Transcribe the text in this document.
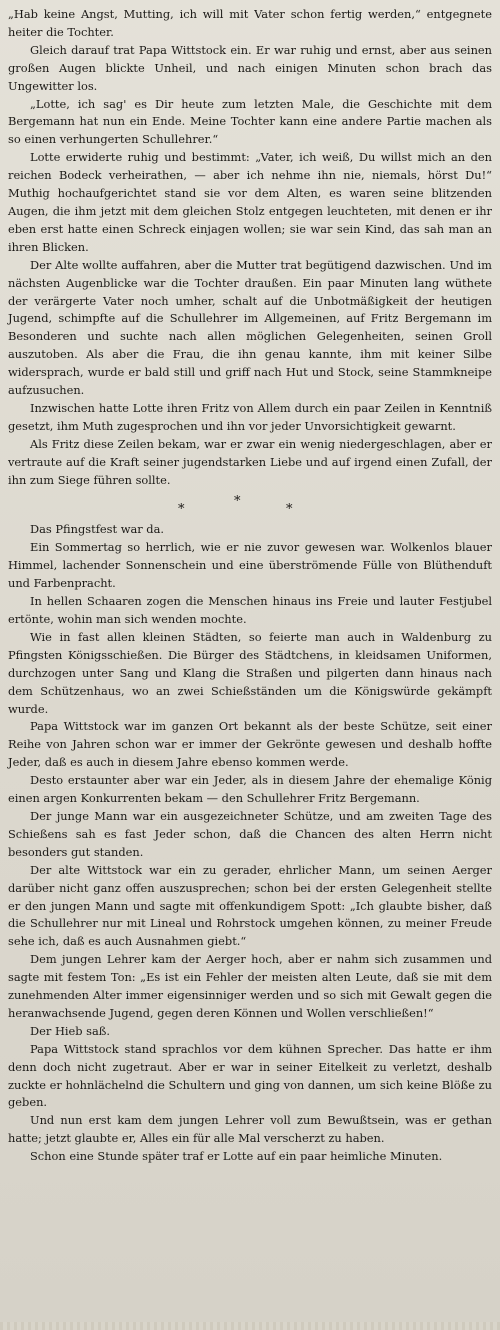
„Hab keine Angst, Mutting, ich will mit Vater schon fertig werden,“ entgegnete heiter die Tochter.

Gleich darauf trat Papa Wittstock ein. Er war ruhig und ernst, aber aus seinen großen Augen blickte Unheil, und nach einigen Minuten schon brach das Ungewitter los.

„Lotte, ich sag' es Dir heute zum letzten Male, die Geschichte mit dem Bergemann hat nun ein Ende. Meine Tochter kann eine andere Partie machen als so einen verhungerten Schullehrer.“

Lotte erwiderte ruhig und bestimmt: „Vater, ich weiß, Du willst mich an den reichen Bodeck verheirathen, — aber ich nehme ihn nie, niemals, hörst Du!“ Muthig hochaufgerichtet stand sie vor dem Alten, es waren seine blitzenden Augen, die ihm jetzt mit dem gleichen Stolz entgegen leuchteten, mit denen er ihr eben erst hatte einen Schreck einjagen wollen; sie war sein Kind, das sah man an ihren Blicken.

Der Alte wollte auffahren, aber die Mutter trat begütigend dazwischen. Und im nächsten Augenblicke war die Tochter draußen. Ein paar Minuten lang wüthete der verärgerte Vater noch umher, schalt auf die Unbotmäßigkeit der heutigen Jugend, schimpfte auf die Schullehrer im Allgemeinen, auf Fritz Bergemann im Besonderen und suchte nach allen möglichen Gelegenheiten, seinen Groll auszutoben. Als aber die Frau, die ihn genau kannte, ihm mit keiner Silbe widersprach, wurde er bald still und griff nach Hut und Stock, seine Stammkneipe aufzusuchen.

Inzwischen hatte Lotte ihren Fritz von Allem durch ein paar Zeilen in Kenntniß gesetzt, ihm Muth zugesprochen und ihn vor jeder Unvorsichtigkeit gewarnt.

Als Fritz diese Zeilen bekam, war er zwar ein wenig niedergeschlagen, aber er vertraute auf die Kraft seiner jugendstarken Liebe und auf irgend einen Zufall, der ihn zum Siege führen sollte.

*
*	*

Das Pfingstfest war da.

Ein Sommertag so herrlich, wie er nie zuvor gewesen war. Wolkenlos blauer Himmel, lachender Sonnenschein und eine überströmende Fülle von Blüthenduft und Farbenpracht.

In hellen Schaaren zogen die Menschen hinaus ins Freie und lauter Festjubel ertönte, wohin man sich wenden mochte.

Wie in fast allen kleinen Städten, so feierte man auch in Waldenburg zu Pfingsten Königsschießen. Die Bürger des Städtchens, in kleidsamen Uniformen, durchzogen unter Sang und Klang die Straßen und pilgerten dann hinaus nach dem Schützenhaus, wo an zwei Schießständen um die Königswürde gekämpft wurde.

Papa Wittstock war im ganzen Ort bekannt als der beste Schütze, seit einer Reihe von Jahren schon war er immer der Gekrönte gewesen und deshalb hoffte Jeder, daß es auch in diesem Jahre ebenso kommen werde.

Desto erstaunter aber war ein Jeder, als in diesem Jahre der ehemalige König einen argen Konkurrenten bekam — den Schullehrer Fritz Bergemann.

Der junge Mann war ein ausgezeichneter Schütze, und am zweiten Tage des Schießens sah es fast Jeder schon, daß die Chancen des alten Herrn nicht besonders gut standen.

Der alte Wittstock war ein zu gerader, ehrlicher Mann, um seinen Aerger darüber nicht ganz offen auszusprechen; schon bei der ersten Gelegenheit stellte er den jungen Mann und sagte mit offenkundigem Spott: „Ich glaubte bisher, daß die Schullehrer nur mit Lineal und Rohrstock umgehen können, zu meiner Freude sehe ich, daß es auch Ausnahmen giebt.“

Dem jungen Lehrer kam der Aerger hoch, aber er nahm sich zusammen und sagte mit festem Ton: „Es ist ein Fehler der meisten alten Leute, daß sie mit dem zunehmenden Alter immer eigensinniger werden und so sich mit Gewalt gegen die heranwachsende Jugend, gegen deren Können und Wollen verschließen!“

Der Hieb saß.

Papa Wittstock stand sprachlos vor dem kühnen Sprecher. Das hatte er ihm denn doch nicht zugetraut. Aber er war in seiner Eitelkeit zu verletzt, deshalb zuckte er hohnlächelnd die Schultern und ging von dannen, um sich keine Blöße zu geben.

Und nun erst kam dem jungen Lehrer voll zum Bewußtsein, was er gethan hatte; jetzt glaubte er, Alles ein für alle Mal verscherzt zu haben.

Schon eine Stunde später traf er Lotte auf ein paar heimliche Minuten.
